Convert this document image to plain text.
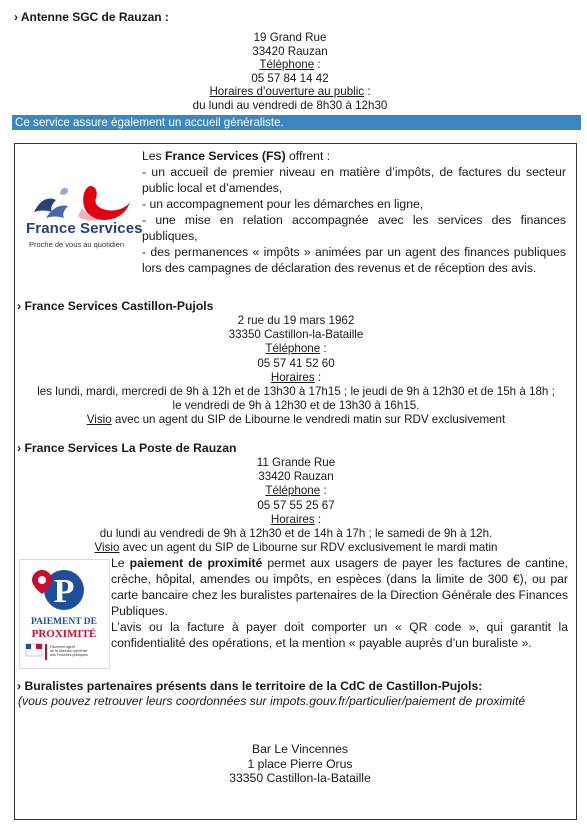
› Antenne SGC de Rauzan :
19 Grand Rue
33420 Rauzan
Téléphone :
05 57 84 14 42
Horaires d’ouverture au public :
du lundi au vendredi de 8h30 à 12h30
Ce service assure également un accueil généraliste.
France Services
Proche de vous au quotidien
Les France Services (FS) offrent :
- un accueil de premier niveau en matière d’impôts, de factures du secteur public local et d’amendes,
- un accompagnement pour les démarches en ligne,
- une mise en relation accompagnée avec les services des finances publiques,
- des permanences « impôts » animées par un agent des finances publiques lors des campagnes de déclaration des revenus et de réception des avis.
› France Services Castillon-Pujols
2 rue du 19 mars 1962
33350 Castillon-la-Bataille
Téléphone :
05 57 41 52 60
Horaires :
les lundi, mardi, mercredi de 9h à 12h et de 13h30 à 17h15 ; le jeudi de 9h à 12h30 et de 15h à 18h ;
le vendredi de 9h à 12h30 et de 13h30 à 16h15.
Visio avec un agent du SIP de Libourne le vendredi matin sur RDV exclusivement
› France Services La Poste de Rauzan
11 Grande Rue
33420 Rauzan
Téléphone :
05 57 55 25 67
Horaires :
du lundi au vendredi de 9h à 12h30 et de 14h à 17h ; le samedi de 9h à 12h.
Visio avec un agent du SIP de Libourne sur RDV exclusivement le mardi matin
P
PAIEMENT DE
PROXIMITÉ
Paiement agréé
de la direction générale
des Finances publiques
Le paiement de proximité permet aux usagers de payer les factures de cantine, crèche, hôpital, amendes ou impôts, en espèces (dans la limite de 300 €), ou par carte bancaire chez les buralistes partenaires de la Direction Générale des Finances Publiques.
L’avis ou la facture à payer doit comporter un « QR code », qui garantit la confidentialité des opérations, et la mention « payable auprès d’un buraliste ».
› Buralistes partenaires présents dans le territoire de la CdC de Castillon-Pujols:
(vous pouvez retrouver leurs coordonnées sur impots.gouv.fr/particulier/paiement de proximité
Bar Le Vincennes
1 place Pierre Orus
33350 Castillon-la-Bataille
